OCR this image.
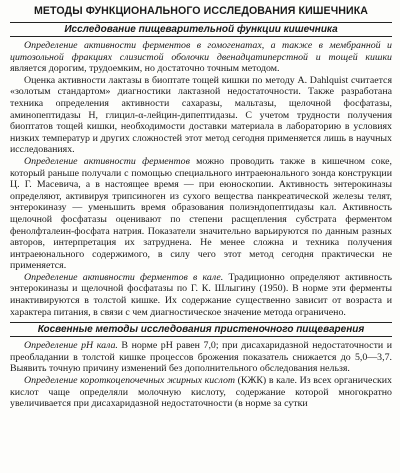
МЕТОДЫ ФУНКЦИОНАЛЬНОГО ИССЛЕДОВАНИЯ КИШЕЧНИКА
Исследование пищеварительной функции кишечника

Определение активности ферментов в гомогенатах, а также в мембранной и цитозольной фракциях слизистой оболочки двенадцатиперстной и тощей кишки является дорогим, трудоемким, но достаточно точным методом.

Оценка активности лактазы в биоптате тощей кишки по методу A. Dahlquist считается «золотым стандартом» диагностики лактазной недостаточности. Также разработана техника определения активности сахаразы, мальтазы, щелочной фосфатазы, аминопептидазы Н, глицил-α-лейцин-дипептидазы. С учетом трудности получения биоптатов тощей кишки, необходимости доставки материала в лабораторию в условиях низких температур и других сложностей этот метод сегодня применяется лишь в научных исследованиях.

Определение активности ферментов можно проводить также в кишечном соке, который раньше получали с помощью специального интраеюнального зонда конструкции Ц. Г. Масевича, а в настоящее время — при еюноскопии. Активность энтерокиназы определяют, активируя трипсиноген из сухого вещества панкреатической железы телят, энтерокиназу — уменьшить время образования полиэндопептидазы кал. Активность щелочной фосфатазы оценивают по степени расщепления субстрата ферментом фенолфталеин-фосфата натрия. Показатели значительно варьируются по данным разных авторов, интерпретация их затруднена. Не менее сложна и техника получения интраеюнального содержимого, в силу чего этот метод сегодня практически не применяется.

Определение активности ферментов в кале. Традиционно определяют активность энтерокиназы и щелочной фосфатазы по Г. К. Шлыгину (1950). В норме эти ферменты инактивируются в толстой кишке. Их содержание существенно зависит от возраста и характера питания, в связи с чем диагностическое значение метода ограничено.

Косвенные методы исследования пристеночного пищеварения

Определение рН кала. В норме рН равен 7,0; при дисахаридазной недостаточности и преобладании в толстой кишке процессов брожения показатель снижается до 5,0—3,7. Выявить точную причину изменений без дополнительного обследования нельзя.

Определение короткоцепочечных жирных кислот (КЖК) в кале. Из всех органических кислот чаще определяли молочную кислоту, содержание которой многократно увеличивается при дисахаридазной недостаточности (в норме за сутки
